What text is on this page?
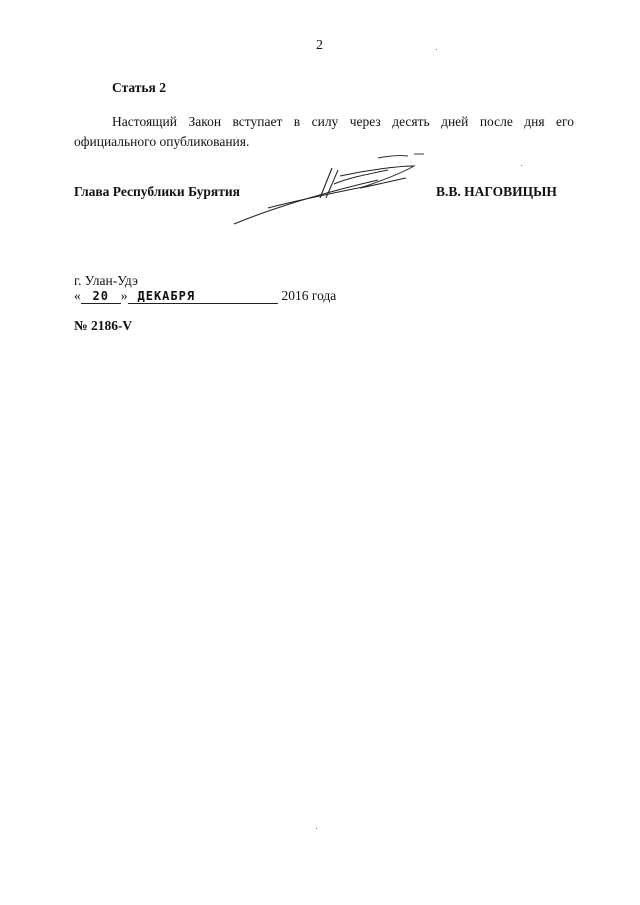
2
Статья 2
Настоящий Закон вступает в силу через десять дней после дня его официального опубликования.
Глава Республики Бурятия	В.В. НАГОВИЦЫН
г. Улан-Удэ
« 20 » ДЕКАБРЯ	2016 года
№ 2186-V
